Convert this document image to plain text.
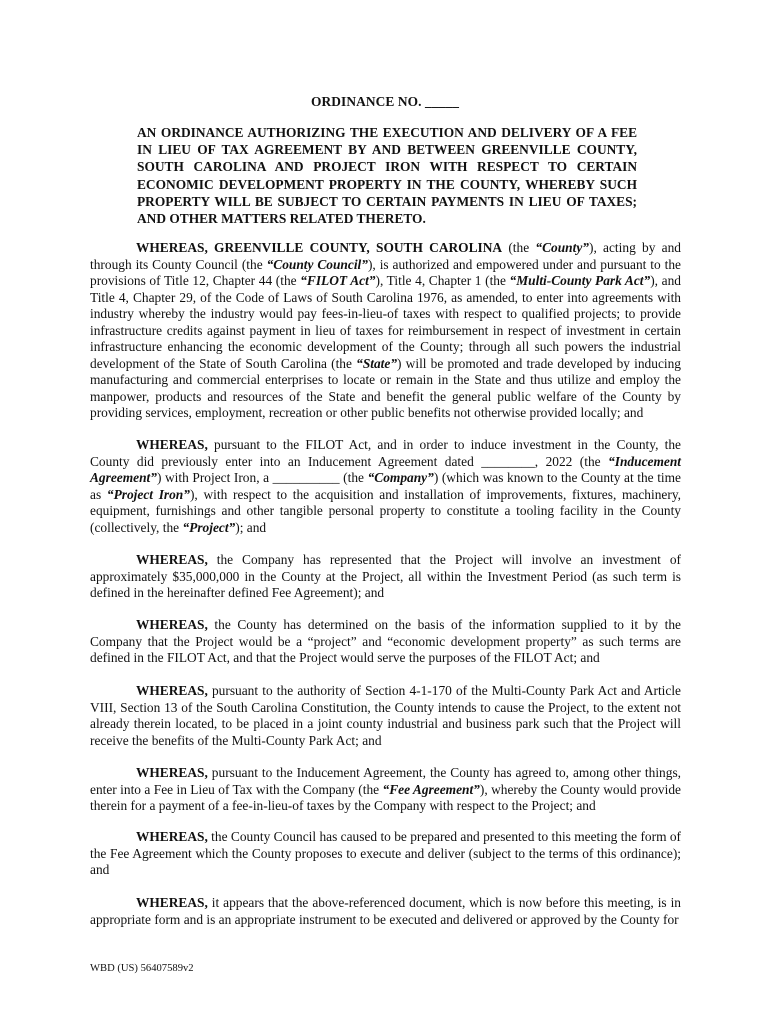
ORDINANCE NO. _____
AN ORDINANCE AUTHORIZING THE EXECUTION AND DELIVERY OF A FEE IN LIEU OF TAX AGREEMENT BY AND BETWEEN GREENVILLE COUNTY, SOUTH CAROLINA AND PROJECT IRON WITH RESPECT TO CERTAIN ECONOMIC DEVELOPMENT PROPERTY IN THE COUNTY, WHEREBY SUCH PROPERTY WILL BE SUBJECT TO CERTAIN PAYMENTS IN LIEU OF TAXES; AND OTHER MATTERS RELATED THERETO.

WHEREAS, GREENVILLE COUNTY, SOUTH CAROLINA (the “County”), acting by and through its County Council (the “County Council”), is authorized and empowered under and pursuant to the provisions of Title 12, Chapter 44 (the “FILOT Act”), Title 4, Chapter 1 (the “Multi-County Park Act”), and Title 4, Chapter 29, of the Code of Laws of South Carolina 1976, as amended, to enter into agreements with industry whereby the industry would pay fees-in-lieu-of taxes with respect to qualified projects; to provide infrastructure credits against payment in lieu of taxes for reimbursement in respect of investment in certain infrastructure enhancing the economic development of the County; through all such powers the industrial development of the State of South Carolina (the “State”) will be promoted and trade developed by inducing manufacturing and commercial enterprises to locate or remain in the State and thus utilize and employ the manpower, products and resources of the State and benefit the general public welfare of the County by providing services, employment, recreation or other public benefits not otherwise provided locally; and

WHEREAS, pursuant to the FILOT Act, and in order to induce investment in the County, the County did previously enter into an Inducement Agreement dated ________, 2022 (the “Inducement Agreement”) with Project Iron, a __________ (the “Company”) (which was known to the County at the time as “Project Iron”), with respect to the acquisition and installation of improvements, fixtures, machinery, equipment, furnishings and other tangible personal property to constitute a tooling facility in the County (collectively, the “Project”); and

WHEREAS, the Company has represented that the Project will involve an investment of approximately $35,000,000 in the County at the Project, all within the Investment Period (as such term is defined in the hereinafter defined Fee Agreement); and

WHEREAS, the County has determined on the basis of the information supplied to it by the Company that the Project would be a “project” and “economic development property” as such terms are defined in the FILOT Act, and that the Project would serve the purposes of the FILOT Act; and

WHEREAS, pursuant to the authority of Section 4-1-170 of the Multi-County Park Act and Article VIII, Section 13 of the South Carolina Constitution, the County intends to cause the Project, to the extent not already therein located, to be placed in a joint county industrial and business park such that the Project will receive the benefits of the Multi-County Park Act; and

WHEREAS, pursuant to the Inducement Agreement, the County has agreed to, among other things, enter into a Fee in Lieu of Tax with the Company (the “Fee Agreement”), whereby the County would provide therein for a payment of a fee-in-lieu-of taxes by the Company with respect to the Project; and

WHEREAS, the County Council has caused to be prepared and presented to this meeting the form of the Fee Agreement which the County proposes to execute and deliver (subject to the terms of this ordinance); and

WHEREAS, it appears that the above-referenced document, which is now before this meeting, is in appropriate form and is an appropriate instrument to be executed and delivered or approved by the County for

WBD (US) 56407589v2
